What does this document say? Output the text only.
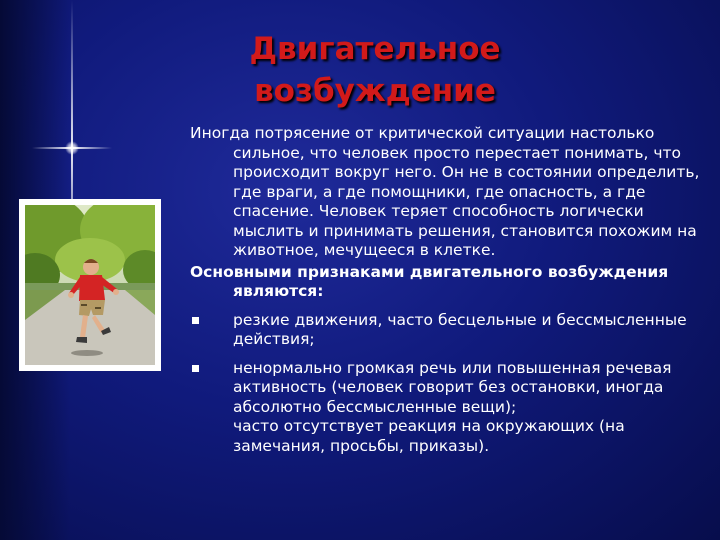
Двигательное
возбуждение

Иногда потрясение от критической ситуации настолько сильное, что человек просто перестает понимать, что происходит вокруг него. Он не в состоянии определить, где враги, а где помощники, где опасность, а где спасение. Человек теряет способность логически мыслить и принимать решения, становится похожим на животное, мечущееся в клетке.

Основными признаками двигательного возбуждения являются:

резкие движения, часто бесцельные и бессмысленные действия;
ненормально громкая речь или повышенная речевая
активность (человек говорит без остановки, иногда абсолютно бессмысленные вещи);
часто отсутствует реакция на окружающих (на замечания, просьбы, приказы).
